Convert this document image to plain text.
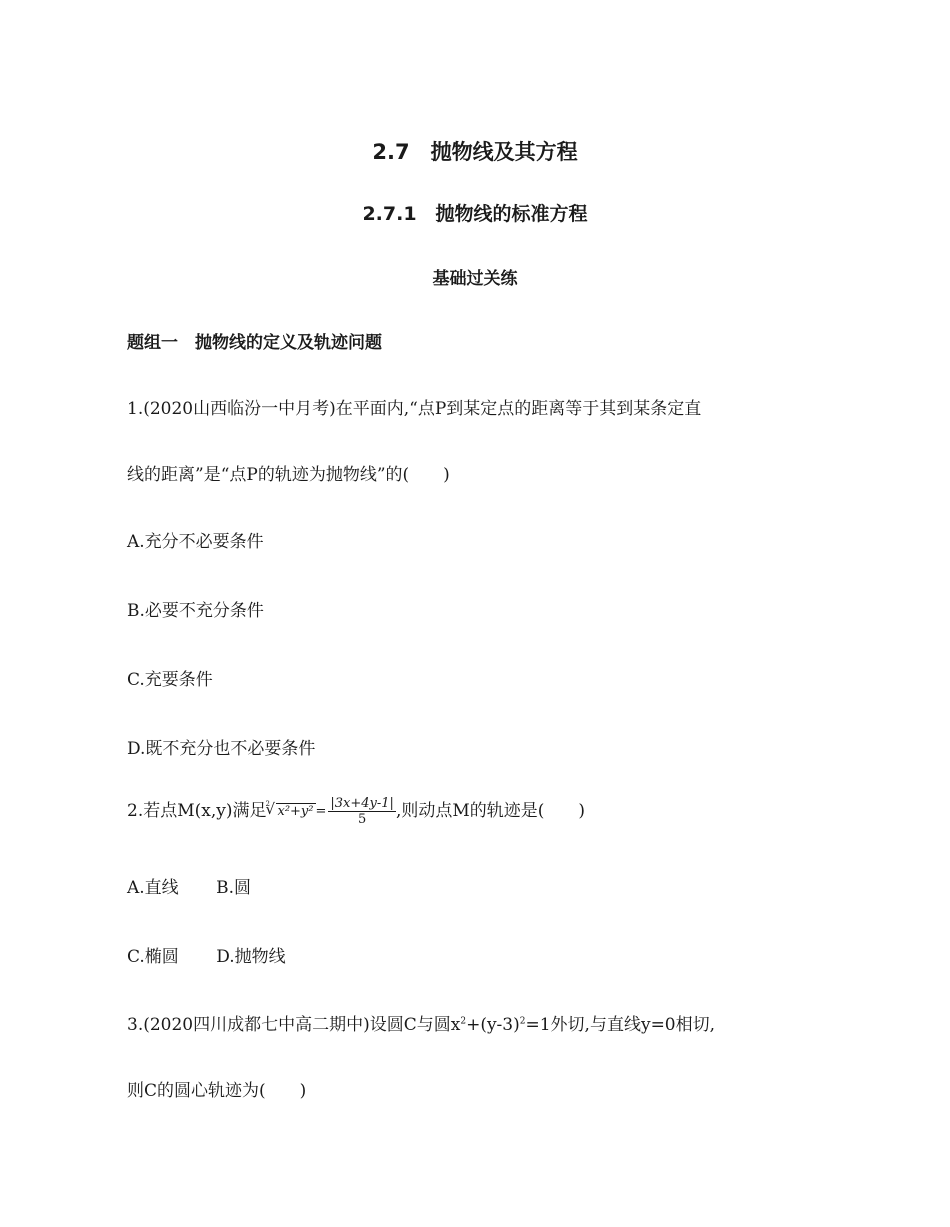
2.7　抛物线及其方程
2.7.1　抛物线的标准方程
基础过关练
题组一　抛物线的定义及轨迹问题
1.(2020山西临汾一中月考)在平面内,“点P到某定点的距离等于其到某条定直
线的距离”是“点P的轨迹为抛物线”的(　　)
A.充分不必要条件
B.必要不充分条件
C.充要条件
D.既不充分也不必要条件
2.若点M(x,y)满足
√ 2 $x^2+y^2 = \frac{|3x+4y-1|}{5}$ ,则动点M的轨迹是(　　)
A.直线 B.圆
C.椭圆 D.抛物线
3.(2020四川成都七中高二期中)设圆C与圆$x^2+(y-3)^2=1$外切,与直线y=0相切,
则C的圆心轨迹为(　　)
